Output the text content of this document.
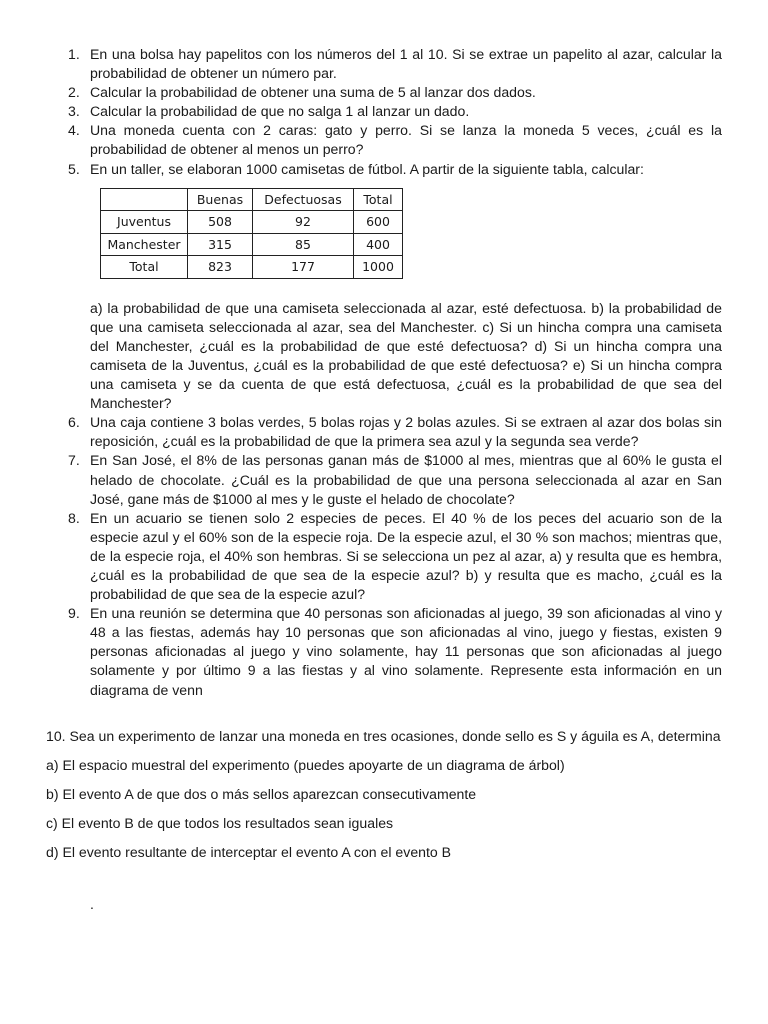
1. En una bolsa hay papelitos con los números del 1 al 10. Si se extrae un papelito al azar, calcular la probabilidad de obtener un número par.
2. Calcular la probabilidad de obtener una suma de 5 al lanzar dos dados.
3. Calcular la probabilidad de que no salga 1 al lanzar un dado.
4. Una moneda cuenta con 2 caras: gato y perro. Si se lanza la moneda 5 veces, ¿cuál es la probabilidad de obtener al menos un perro?
5. En un taller, se elaboran 1000 camisetas de fútbol. A partir de la siguiente tabla, calcular:
	Buenas	Defectuosas	Total
Juventus	508	92	600
Manchester	315	85	400
Total	823	177	1000
a) la probabilidad de que una camiseta seleccionada al azar, esté defectuosa. b) la probabilidad de que una camiseta seleccionada al azar, sea del Manchester. c) Si un hincha compra una camiseta del Manchester, ¿cuál es la probabilidad de que esté defectuosa? d) Si un hincha compra una camiseta de la Juventus, ¿cuál es la probabilidad de que esté defectuosa? e) Si un hincha compra una camiseta y se da cuenta de que está defectuosa, ¿cuál es la probabilidad de que sea del Manchester?
6. Una caja contiene 3 bolas verdes, 5 bolas rojas y 2 bolas azules. Si se extraen al azar dos bolas sin reposición, ¿cuál es la probabilidad de que la primera sea azul y la segunda sea verde?
7. En San José, el 8% de las personas ganan más de $1000 al mes, mientras que al 60% le gusta el helado de chocolate. ¿Cuál es la probabilidad de que una persona seleccionada al azar en San José, gane más de $1000 al mes y le guste el helado de chocolate?
8. En un acuario se tienen solo 2 especies de peces. El 40 % de los peces del acuario son de la especie azul y el 60% son de la especie roja. De la especie azul, el 30 % son machos; mientras que, de la especie roja, el 40% son hembras. Si se selecciona un pez al azar, a) y resulta que es hembra, ¿cuál es la probabilidad de que sea de la especie azul? b) y resulta que es macho, ¿cuál es la probabilidad de que sea de la especie azul?
9. En una reunión se determina que 40 personas son aficionadas al juego, 39 son aficionadas al vino y 48 a las fiestas, además hay 10 personas que son aficionadas al vino, juego y fiestas, existen 9 personas aficionadas al juego y vino solamente, hay 11 personas que son aficionadas al juego solamente y por último 9 a las fiestas y al vino solamente. Represente esta información en un diagrama de venn

10. Sea un experimento de lanzar una moneda en tres ocasiones, donde sello es S y águila es A, determina

a) El espacio muestral del experimento (puedes apoyarte de un diagrama de árbol)

b) El evento A de que dos o más sellos aparezcan consecutivamente

c) El evento B de que todos los resultados sean iguales

d) El evento resultante de interceptar el evento A con el evento B

.
